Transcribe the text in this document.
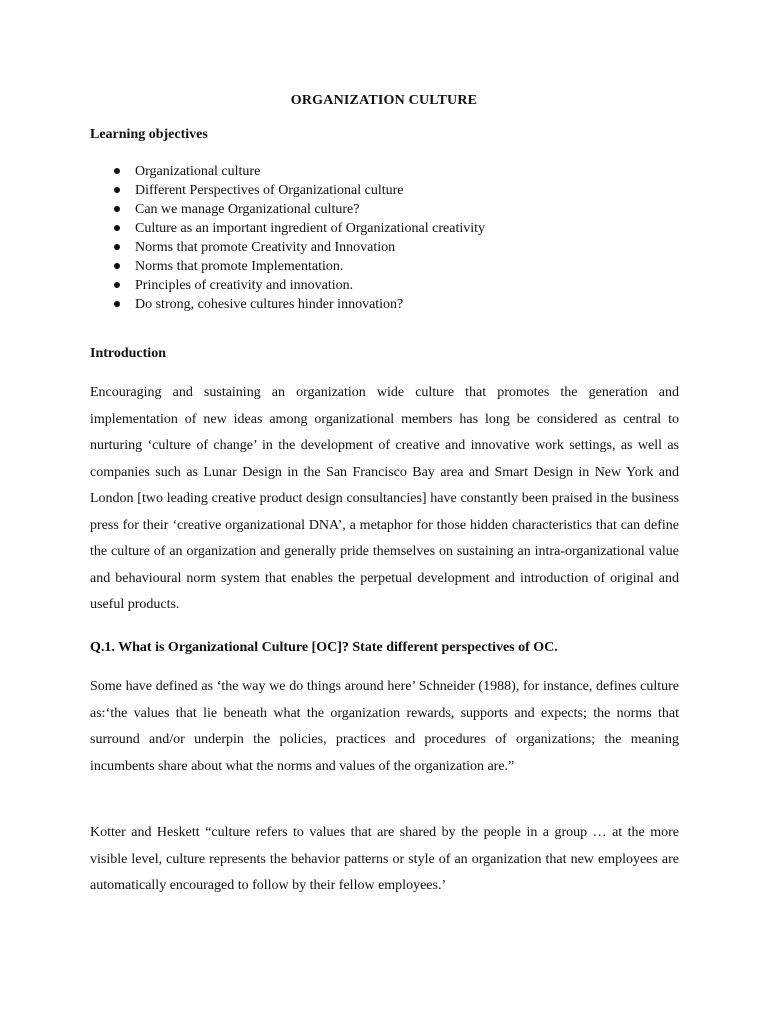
ORGANIZATION CULTURE
Learning objectives
Organizational culture
Different Perspectives of Organizational culture
Can we manage Organizational culture?
Culture as an important ingredient of Organizational creativity
Norms that promote Creativity and Innovation
Norms that promote Implementation.
Principles of creativity and innovation.
Do strong, cohesive cultures hinder innovation?
Introduction

Encouraging and sustaining an organization wide culture that promotes the generation and implementation of new ideas among organizational members has long be considered as central to nurturing ‘culture of change’ in the development of creative and innovative work settings, as well as companies such as Lunar Design in the San Francisco Bay area and Smart Design in New York and London [two leading creative product design consultancies] have constantly been praised in the business press for their ‘creative organizational DNA’, a metaphor for those hidden characteristics that can define the culture of an organization and generally pride themselves on sustaining an intra-organizational value and behavioural norm system that enables the perpetual development and introduction of original and useful products.

Q.1. What is Organizational Culture [OC]? State different perspectives of OC.

Some have defined as ‘the way we do things around here’ Schneider (1988), for instance, defines culture as:‘the values that lie beneath what the organization rewards, supports and expects; the norms that surround and/or underpin the policies, practices and procedures of organizations; the meaning incumbents share about what the norms and values of the organization are.”

Kotter and Heskett “culture refers to values that are shared by the people in a group … at the more visible level, culture represents the behavior patterns or style of an organization that new employees are automatically encouraged to follow by their fellow employees.’
